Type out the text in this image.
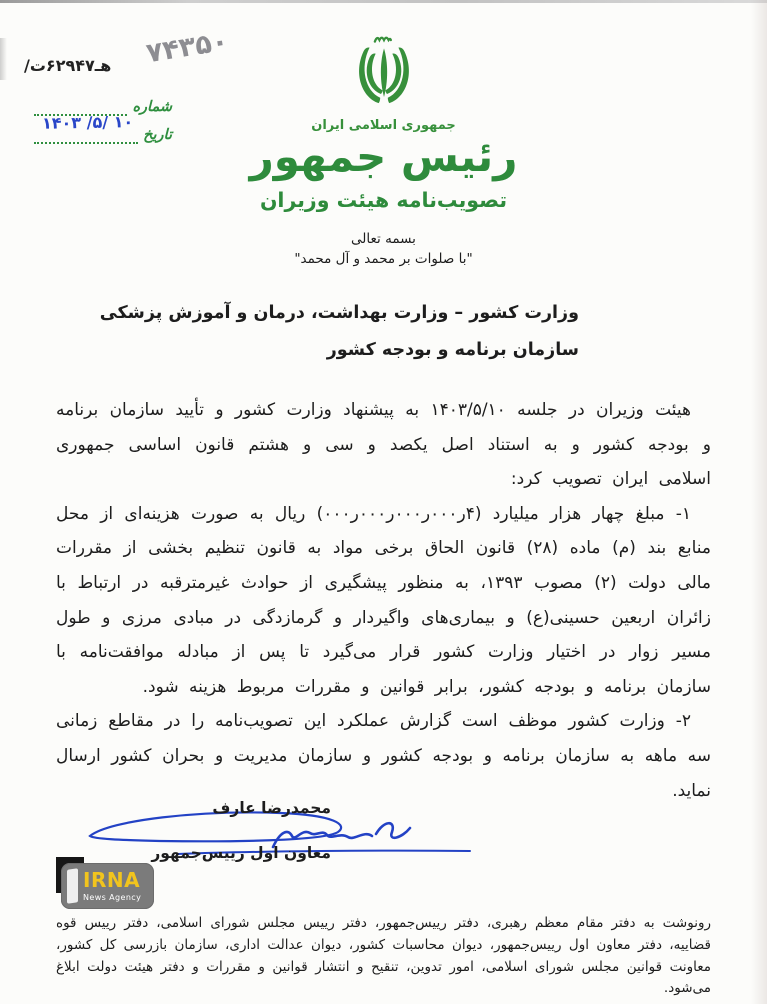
۷۴۳۵۰
هـ۶۲۹۴۷ت/
شماره
تاریخ
۱۴۰۳ /۵/ ۱۰	جمهوری اسلامی ایران
رئیس جمهور
تصویب‌نامه هیئت وزیران
بسمه تعالی
"با صلوات بر محمد و آل محمد"
وزارت کشور – وزارت بهداشت، درمان و آموزش پزشکی
سازمان برنامه و بودجه کشور

هیئت وزیران در جلسه ۱۴۰۳/۵/۱۰ به پیشنهاد وزارت کشور و تأیید سازمان برنامه و بودجه کشور و به استناد اصل یکصد و سی و هشتم قانون اساسی جمهوری اسلامی ایران تصویب کرد:

۱- مبلغ چهار هزار میلیارد (۴ر۰۰۰ر۰۰۰ر۰۰۰ر۰۰۰) ریال به صورت هزینه‌ای از محل منابع بند (م) ماده (۲۸) قانون الحاق برخی مواد به قانون تنظیم بخشی از مقررات مالی دولت (۲) مصوب ۱۳۹۳، به منظور پیشگیری از حوادث غیرمترقبه در ارتباط با زائران اربعین حسینی(ع) و بیماری‌های واگیردار و گرمازدگی در مبادی مرزی و طول مسیر زوار در اختیار وزارت کشور قرار می‌گیرد تا پس از مبادله موافقت‌نامه با سازمان برنامه و بودجه کشور، برابر قوانین و مقررات مربوط هزینه شود.

۲- وزارت کشور موظف است گزارش عملکرد این تصویب‌نامه را در مقاطع زمانی سه ماهه به سازمان برنامه و بودجه کشور و سازمان مدیریت و بحران کشور ارسال نماید.

محمدرضا عارف
معاون اول رییس‌جمهور
IRNA
News Agency

رونوشت به دفتر مقام معظم رهبری، دفتر رییس‌جمهور، دفتر رییس مجلس شورای اسلامی، دفتر رییس قوه قضاییه، دفتر معاون اول رییس‌جمهور، دیوان محاسبات کشور، دیوان عدالت اداری، سازمان بازرسی کل کشور، معاونت قوانین مجلس شورای اسلامی، امور تدوین، تنقیح و انتشار قوانین و مقررات و دفتر هیئت دولت ابلاغ می‌شود.
